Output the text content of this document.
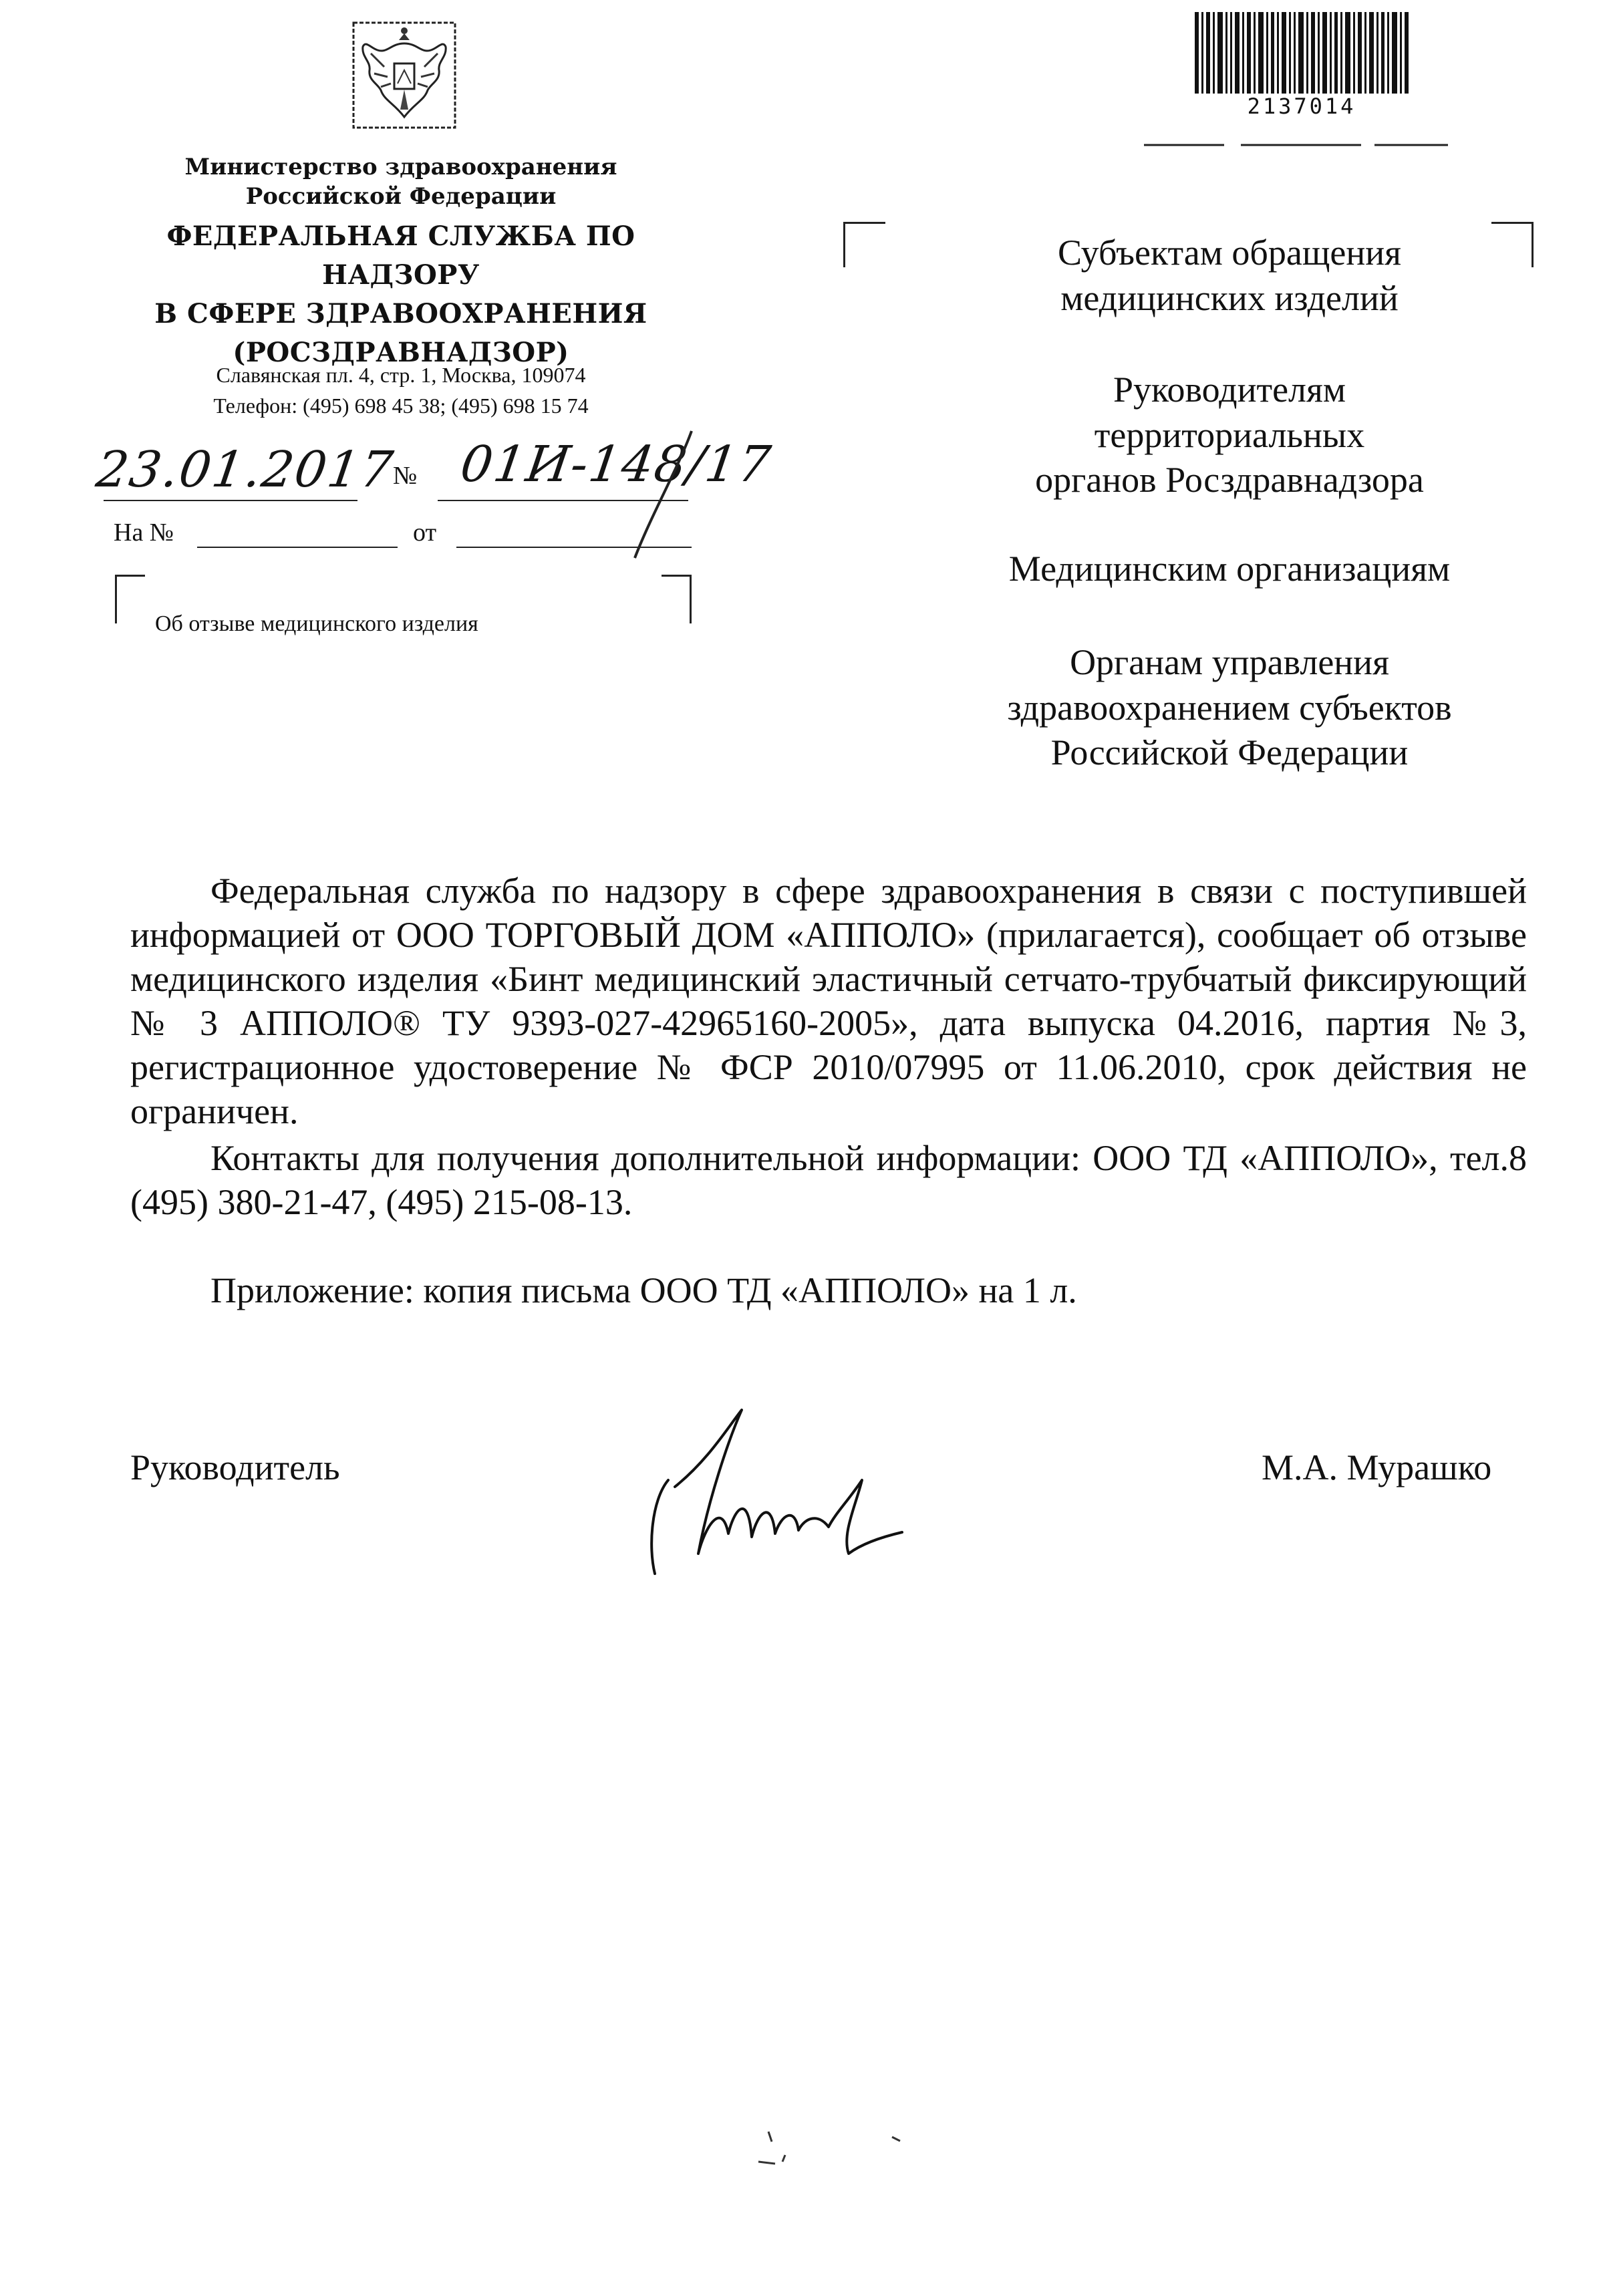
Министерство здравоохранения
Российской Федерации
ФЕДЕРАЛЬНАЯ СЛУЖБА ПО НАДЗОРУ
В СФЕРЕ ЗДРАВООХРАНЕНИЯ
(РОСЗДРАВНАДЗОР)
Славянская пл. 4, стр. 1, Москва, 109074
Телефон: (495) 698 45 38; (495) 698 15 74
23.01.2017
№ 01И-148/17
На №	от
Об отзыве медицинского изделия
2137014
Субъектам обращения
медицинских изделий
Руководителям
территориальных
органов Росздравнадзора
Медицинским организациям
Органам управления
здравоохранением субъектов
Российской Федерации
Федеральная служба по надзору в сфере здравоохранения в связи с поступившей информацией от ООО ТОРГОВЫЙ ДОМ «АППОЛО» (прилагается), сообщает об отзыве медицинского изделия «Бинт медицинский эластичный сетчато-трубчатый фиксирующий № 3 АППОЛО® ТУ 9393-027-42965160-2005», дата выпуска 04.2016, партия №3, регистрационное удостоверение № ФСР 2010/07995 от 11.06.2010, срок действия не ограничен.
Контакты для получения дополнительной информации: ООО ТД «АППОЛО», тел.8 (495) 380-21-47, (495) 215-08-13.
Приложение: копия письма ООО ТД «АППОЛО» на 1 л.
Руководитель	М.А. Мурашко
